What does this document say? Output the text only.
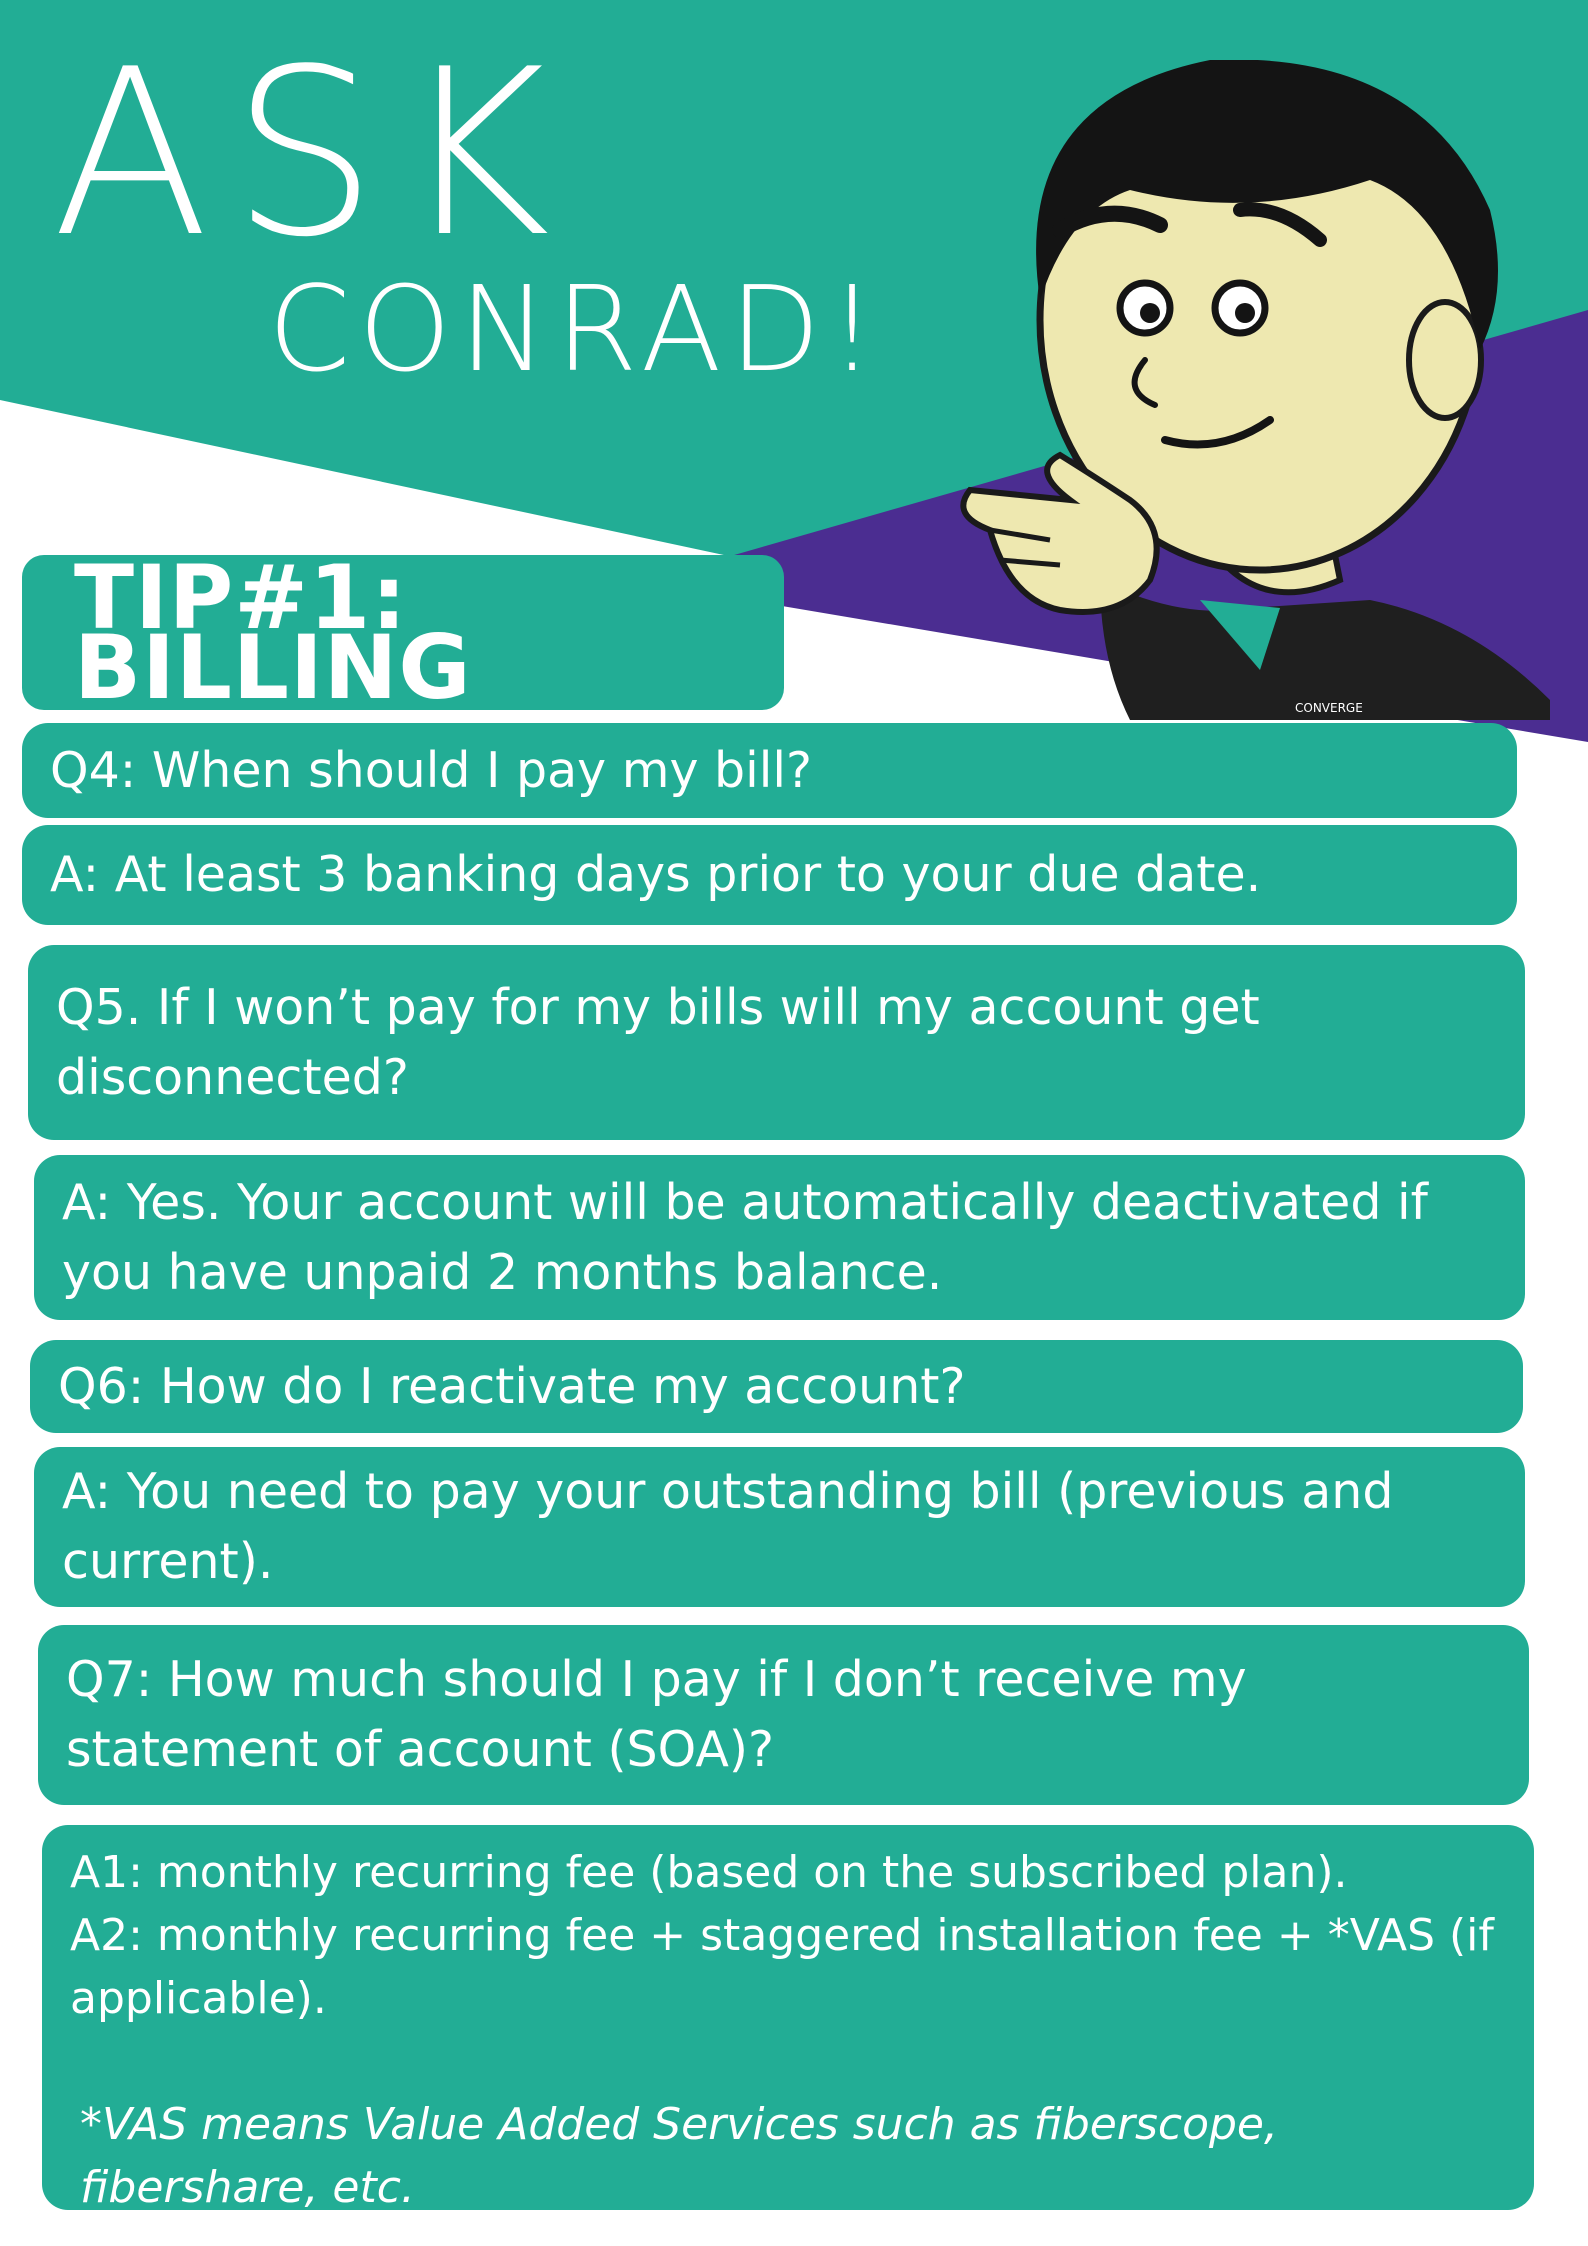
ASK
CONRAD!
CONVERGE
TIP#1: BILLING
Q4: When should I pay my bill?
A: At least 3 banking days prior to your due date.
Q5. If I won’t pay for my bills will my account get disconnected?
A: Yes. Your account will be automatically deactivated if you have unpaid 2 months balance.
Q6: How do I reactivate my account?
A: You need to pay your outstanding bill (previous and current).
Q7: How much should I pay if I don’t receive my statement of account (SOA)?
A1: monthly recurring fee (based on the subscribed plan).
A2: monthly recurring fee + staggered installation fee + *VAS (if applicable).
*VAS means Value Added Services such as fiberscope, fibershare, etc.
